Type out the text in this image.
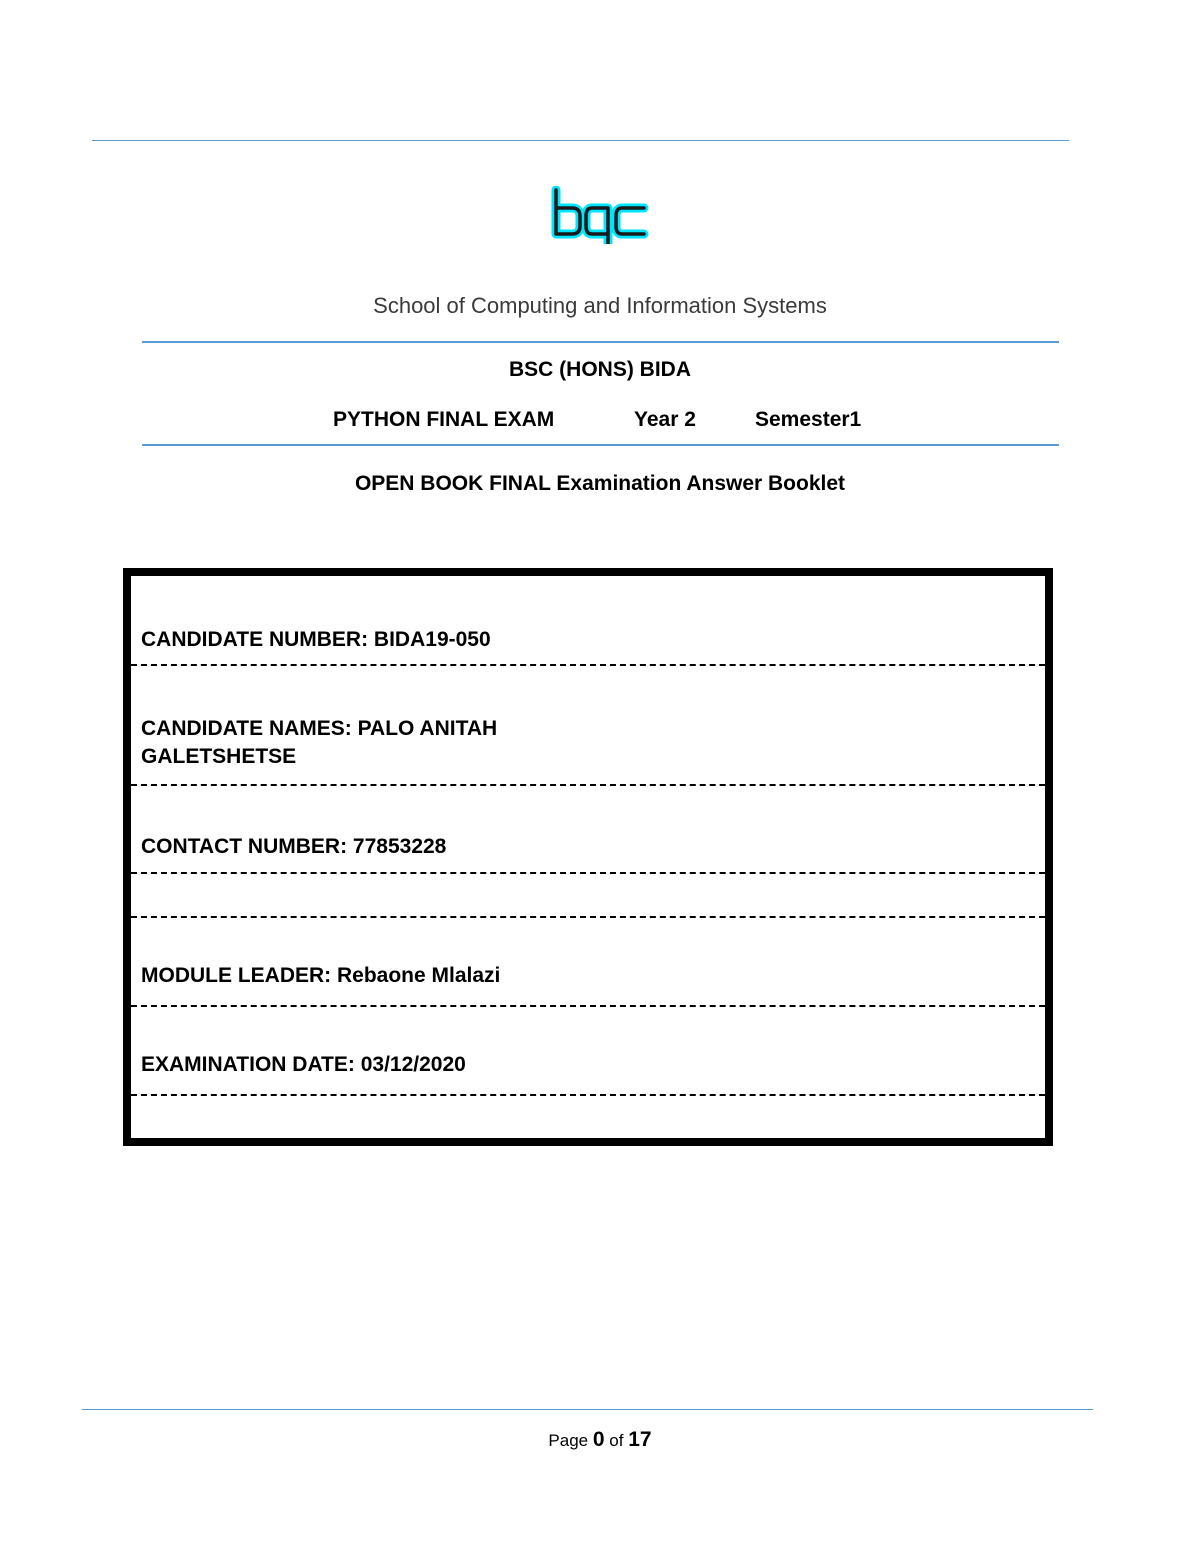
School of Computing and Information Systems
BSC (HONS) BIDA
PYTHON FINAL EXAM	Year 2	Semester1
OPEN BOOK FINAL Examination Answer Booklet
CANDIDATE NUMBER: BIDA19-050
CANDIDATE NAMES: PALO ANITAH GALETSHETSE
CONTACT NUMBER: 77853228
MODULE LEADER: Rebaone Mlalazi
EXAMINATION DATE: 03/12/2020
Page 0 of 17
